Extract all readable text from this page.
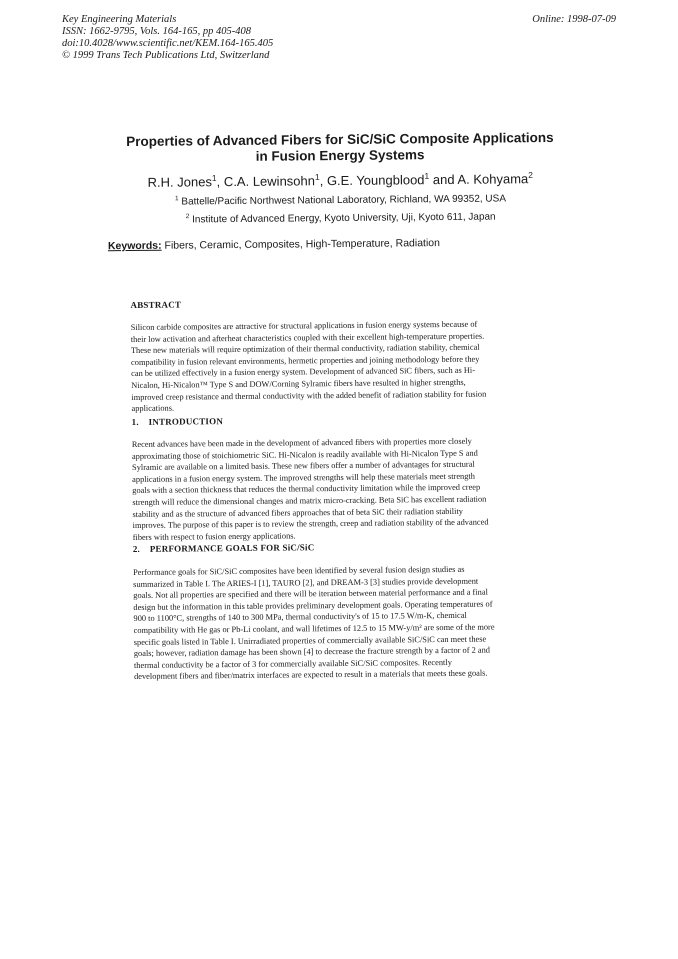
Key Engineering Materials
ISSN: 1662-9795, Vols. 164-165, pp 405-408
doi:10.4028/www.scientific.net/KEM.164-165.405
© 1999 Trans Tech Publications Ltd, Switzerland
Online: 1998-07-09
Properties of Advanced Fibers for SiC/SiC Composite Applications
in Fusion Energy Systems
R.H. Jones$^1$, C.A. Lewinsohn$^1$, G.E. Youngblood$^1$ and A. Kohyama$^2$
$^1$ Battelle/Pacific Northwest National Laboratory, Richland, WA 99352, USA
$^2$ Institute of Advanced Energy, Kyoto University, Uji, Kyoto 611, Japan
Keywords: Fibers, Ceramic, Composites, High-Temperature, Radiation
ABSTRACT
Silicon carbide composites are attractive for structural applications in fusion energy systems because of
their low activation and afterheat characteristics coupled with their excellent high-temperature properties.
These new materials will require optimization of their thermal conductivity, radiation stability, chemical
compatibility in fusion relevant environments, hermetic properties and joining methodology before they
can be utilized effectively in a fusion energy system. Development of advanced SiC fibers, such as Hi-
Nicalon, Hi-Nicalon™ Type S and DOW/Corning Sylramic fibers have resulted in higher strengths,
improved creep resistance and thermal conductivity with the added benefit of radiation stability for fusion
applications.
1. INTRODUCTION
Recent advances have been made in the development of advanced fibers with properties more closely
approximating those of stoichiometric SiC. Hi-Nicalon is readily available with Hi-Nicalon Type S and
Sylramic are available on a limited basis. These new fibers offer a number of advantages for structural
applications in a fusion energy system. The improved strengths will help these materials meet strength
goals with a section thickness that reduces the thermal conductivity limitation while the improved creep
strength will reduce the dimensional changes and matrix micro-cracking. Beta SiC has excellent radiation
stability and as the structure of advanced fibers approaches that of beta SiC their radiation stability
improves. The purpose of this paper is to review the strength, creep and radiation stability of the advanced
fibers with respect to fusion energy applications.
2. PERFORMANCE GOALS FOR SiC/SiC
Performance goals for SiC/SiC composites have been identified by several fusion design studies as
summarized in Table I. The ARIES-I [1], TAURO [2], and DREAM-3 [3] studies provide development
goals. Not all properties are specified and there will be iteration between material performance and a final
design but the information in this table provides preliminary development goals. Operating temperatures of
900 to 1100°C, strengths of 140 to 300 MPa, thermal conductivity's of 15 to 17.5 W/m-K, chemical
compatibility with He gas or Pb-Li coolant, and wall lifetimes of 12.5 to 15 MW-y/m² are some of the more
specific goals listed in Table I. Unirradiated properties of commercially available SiC/SiC can meet these
goals; however, radiation damage has been shown [4] to decrease the fracture strength by a factor of 2 and
thermal conductivity be a factor of 3 for commercially available SiC/SiC composites. Recently
development fibers and fiber/matrix interfaces are expected to result in a materials that meets these goals.
